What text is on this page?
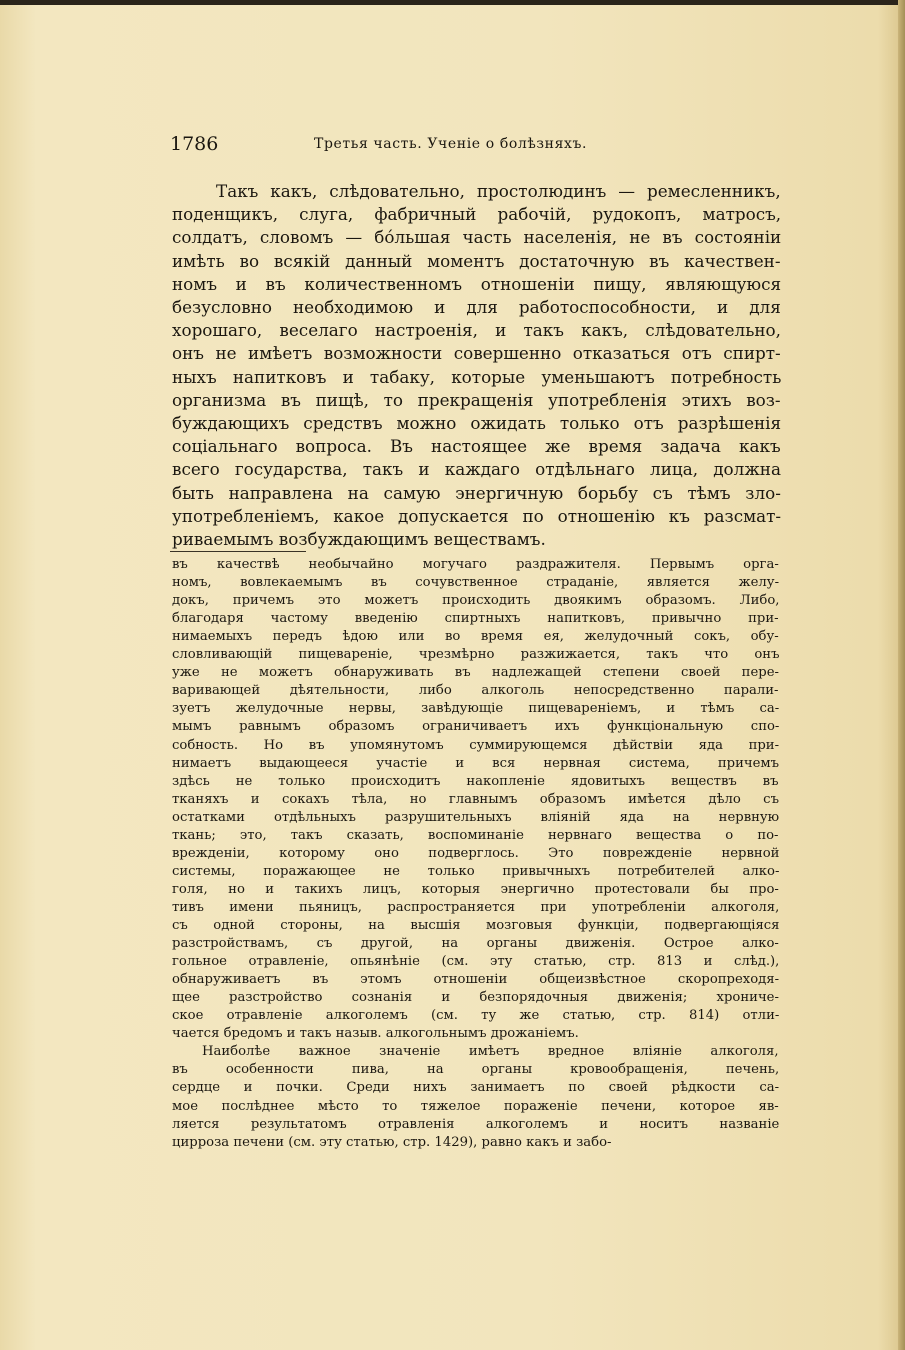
1786	Третья часть. Ученіе о болѣзняхъ.
Такъ какъ, слѣдовательно, простолюдинъ — ремесленникъ,
поденщикъ, слуга, фабричный рабочій, рудокопъ, матросъ,
солдатъ, словомъ — бо́льшая часть населенія, не въ состояніи
имѣть во всякій данный моментъ достаточную въ качествен-
номъ и въ количественномъ отношеніи пищу, являющуюся
безусловно необходимою и для работоспособности, и для
хорошаго, веселаго настроенія, и такъ какъ, слѣдовательно,
онъ не имѣетъ возможности совершенно отказаться отъ спирт-
ныхъ напитковъ и табаку, которые уменьшаютъ потребность
организма въ пищѣ, то прекращенія употребленія этихъ воз-
буждающихъ средствъ можно ожидать только отъ разрѣшенія
соціальнаго вопроса. Въ настоящее же время задача какъ
всего государства, такъ и каждаго отдѣльнаго лица, должна
быть направлена на самую энергичную борьбу съ тѣмъ зло-
употребленіемъ, какое допускается по отношенію къ разсмат-
риваемымъ возбуждающимъ веществамъ.
въ качествѣ необычайно могучаго раздражителя. Первымъ орга-
номъ, вовлекаемымъ въ сочувственное страданіе, является желу-
докъ, причемъ это можетъ происходить двоякимъ образомъ. Либо,
благодаря частому введенію спиртныхъ напитковъ, привычно при-
нимаемыхъ передъ ѣдою или во время ея, желудочный сокъ, обу-
словливающій пищевареніе, чрезмѣрно разжижается, такъ что онъ
уже не можетъ обнаруживать въ надлежащей степени своей пере-
варивающей дѣятельности, либо алкоголь непосредственно парали-
зуетъ желудочные нервы, завѣдующіе пищевареніемъ, и тѣмъ са-
мымъ равнымъ образомъ ограничиваетъ ихъ функціональную спо-
собность. Но въ упомянутомъ суммирующемся дѣйствіи яда при-
нимаетъ выдающееся участіе и вся нервная система, причемъ
здѣсь не только происходитъ накопленіе ядовитыхъ веществъ въ
тканяхъ и сокахъ тѣла, но главнымъ образомъ имѣется дѣло съ
остатками отдѣльныхъ разрушительныхъ вліяній яда на нервную
ткань; это, такъ сказать, воспоминаніе нервнаго вещества о по-
врежденіи, которому оно подверглось. Это поврежденіе нервной
системы, поражающее не только привычныхъ потребителей алко-
голя, но и такихъ лицъ, которыя энергично протестовали бы про-
тивъ имени пьяницъ, распространяется при употребленіи алкоголя,
съ одной стороны, на высшія мозговыя функціи, подвергающіяся
разстройствамъ, съ другой, на органы движенія. Острое алко-
гольное отравленіе, опьянѣніе (см. эту статью, стр. 813 и слѣд.),
обнаруживаетъ въ этомъ отношеніи общеизвѣстное скоропреходя-
щее разстройство сознанія и безпорядочныя движенія; хрониче-
ское отравленіе алкоголемъ (см. ту же статью, стр. 814) отли-
чается бредомъ и такъ назыв. алкогольнымъ дрожаніемъ.
Наиболѣе важное значеніе имѣетъ вредное вліяніе алкоголя,
въ особенности пива, на органы кровообращенія, печень,
сердце и почки. Среди нихъ занимаетъ по своей рѣдкости са-
мое послѣднее мѣсто то тяжелое пораженіе печени, которое яв-
ляется результатомъ отравленія алкоголемъ и носитъ названіе
цирроза печени (см. эту статью, стр. 1429), равно какъ и забо-
